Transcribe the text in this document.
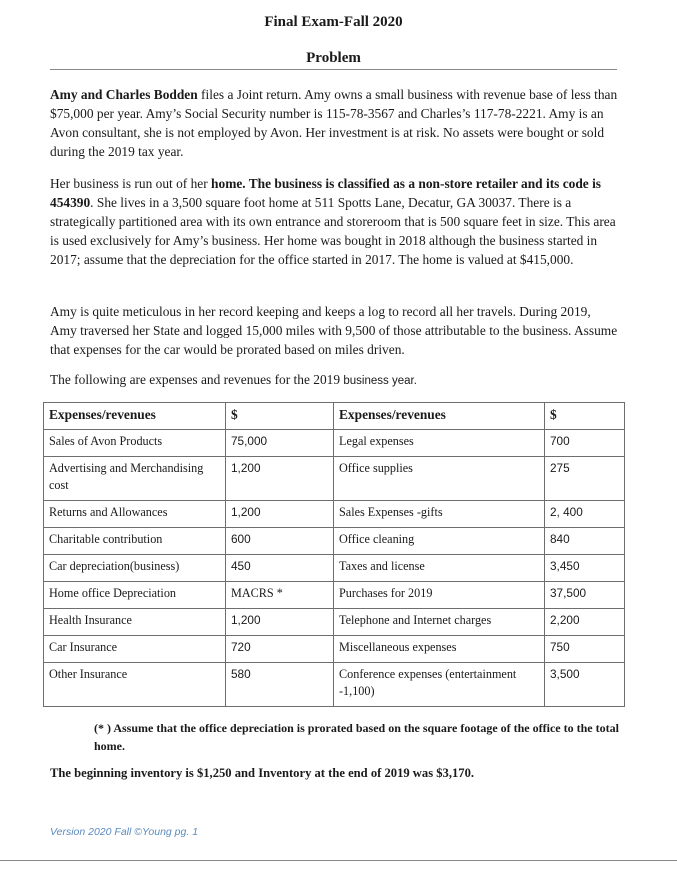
Final Exam-Fall 2020
Problem

Amy and Charles Bodden files a Joint return. Amy owns a small business with revenue base of less than $75,000 per year. Amy’s Social Security number is 115-78-3567 and Charles’s 117-78-2221. Amy is an Avon consultant, she is not employed by Avon. Her investment is at risk. No assets were bought or sold during the 2019 tax year.

Her business is run out of her home. The business is classified as a non-store retailer and its code is 454390. She lives in a 3,500 square foot home at 511 Spotts Lane, Decatur, GA 30037. There is a strategically partitioned area with its own entrance and storeroom that is 500 square feet in size. This area is used exclusively for Amy’s business. Her home was bought in 2018 although the business started in 2017; assume that the depreciation for the office started in 2017. The home is valued at $415,000.

Amy is quite meticulous in her record keeping and keeps a log to record all her travels. During 2019, Amy traversed her State and logged 15,000 miles with 9,500 of those attributable to the business. Assume that expenses for the car would be prorated based on miles driven.

The following are expenses and revenues for the 2019 business year.

Expenses/revenues	$	Expenses/revenues	$
Sales of Avon Products	75,000	Legal expenses	700
Advertising and Merchandising cost	1,200	Office supplies	275
Returns and Allowances	1,200	Sales Expenses -gifts	2, 400
Charitable contribution	600	Office cleaning	840
Car depreciation(business)	450	Taxes and license	3,450
Home office Depreciation	MACRS *	Purchases for 2019	37,500
Health Insurance	1,200	Telephone and Internet charges	2,200
Car Insurance	720	Miscellaneous expenses	750
Other Insurance	580	Conference expenses (entertainment -1,100)	3,500

(* ) Assume that the office depreciation is prorated based on the square footage of the office to the total home.

The beginning inventory is $1,250 and Inventory at the end of 2019 was $3,170.

Version 2020 Fall ©Young pg. 1
